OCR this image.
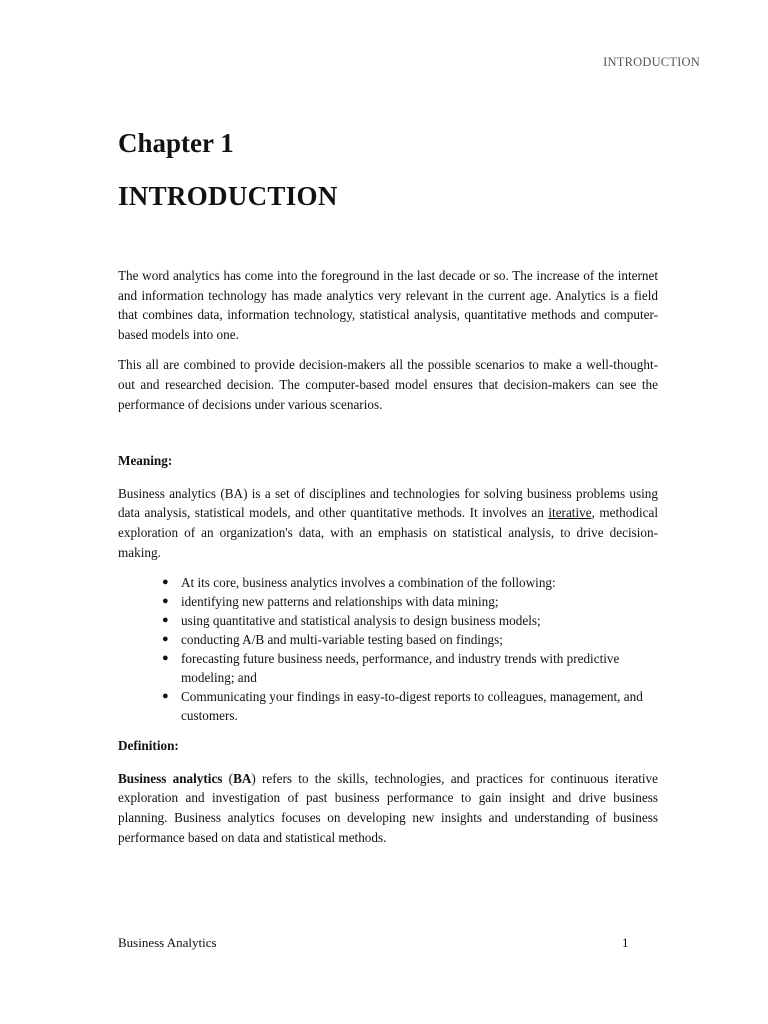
INTRODUCTION
Chapter 1
INTRODUCTION

The word analytics has come into the foreground in the last decade or so. The increase of the internet and information technology has made analytics very relevant in the current age. Analytics is a field that combines data, information technology, statistical analysis, quantitative methods and computer-based models into one.

This all are combined to provide decision-makers all the possible scenarios to make a well-thought-out and researched decision. The computer-based model ensures that decision-makers can see the performance of decisions under various scenarios.

Meaning:

Business analytics (BA) is a set of disciplines and technologies for solving business problems using data analysis, statistical models, and other quantitative methods. It involves an iterative, methodical exploration of an organization's data, with an emphasis on statistical analysis, to drive decision-making.

● At its core, business analytics involves a combination of the following:
● identifying new patterns and relationships with data mining;
● using quantitative and statistical analysis to design business models;
● conducting A/B and multi-variable testing based on findings;
● forecasting future business needs, performance, and industry trends with predictive modeling; and
● Communicating your findings in easy-to-digest reports to colleagues, management, and customers.
Definition:

Business analytics (BA) refers to the skills, technologies, and practices for continuous iterative exploration and investigation of past business performance to gain insight and drive business planning. Business analytics focuses on developing new insights and understanding of business performance based on data and statistical methods.

Business Analytics	1
